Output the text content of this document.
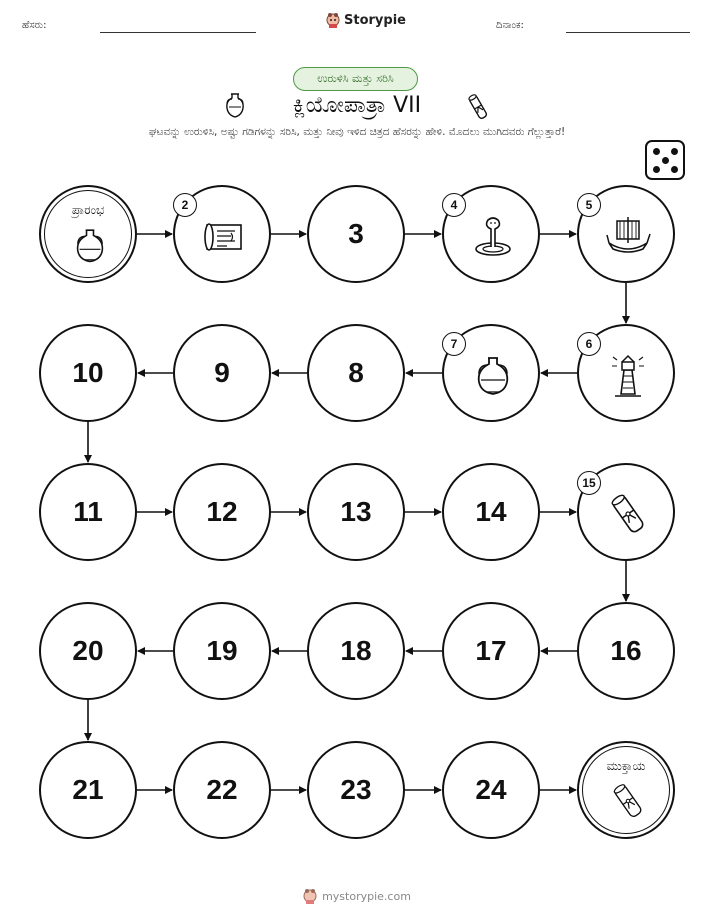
ಹೆಸರು:	Storypie	ದಿನಾಂಕ:
ಉರುಳಿಸಿ ಮತ್ತು ಸರಿಸಿ
ಕ್ಲಿಯೋಪಾತ್ರಾ VII
ಘಟವನ್ನು ಉರುಳಿಸಿ, ಅಷ್ಟು ಗಡಿಗಳನ್ನು ಸರಿಸಿ, ಮತ್ತು ನೀವು ಇಳಿದ ಚಿತ್ರದ ಹೆಸರನ್ನು ಹೇಳಿ. ಮೊದಲು ಮುಗಿದವರು ಗೆಲ್ಲುತ್ತಾರೆ!
ಪ್ರಾರಂಭ	2
3
4	5
6
7
8
9
10
11	12	13	14
15
16
17
18
19
20
21	22	23	24
ಮುಕ್ತಾಯ
mystorypie.com
